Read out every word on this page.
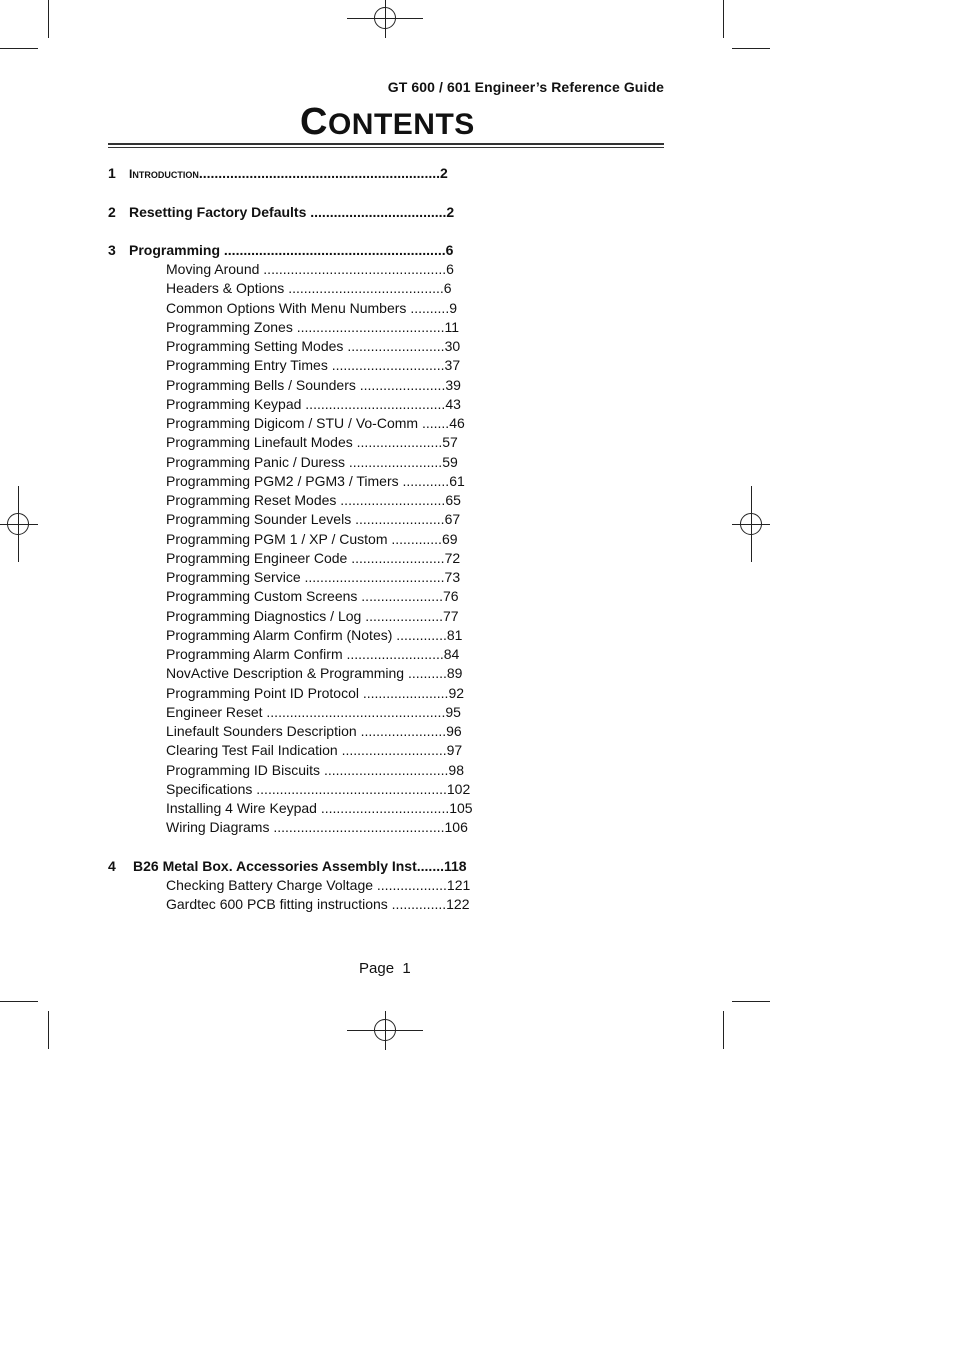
GT 600 / 601 Engineer’s Reference Guide
CONTENTS
1 INTRODUCTION..............................................................2
2 Resetting Factory Defaults ...................................2
3 Programming .........................................................6
Moving Around ...............................................6
Headers & Options ........................................6
Common Options With Menu Numbers ..........9
Programming Zones ......................................11
Programming Setting Modes .........................30
Programming Entry Times .............................37
Programming Bells / Sounders ......................39
Programming Keypad ....................................43
Programming Digicom / STU / Vo-Comm .......46
Programming Linefault Modes ......................57
Programming Panic / Duress ........................59
Programming PGM2 / PGM3 / Timers ............61
Programming Reset Modes ...........................65
Programming Sounder Levels .......................67
Programming PGM 1 / XP / Custom .............69
Programming Engineer Code ........................72
Programming Service ....................................73
Programming Custom Screens .....................76
Programming Diagnostics / Log ....................77
Programming Alarm Confirm (Notes) .............81
Programming Alarm Confirm .........................84
NovActive Description & Programming ..........89
Programming Point ID Protocol ......................92
Engineer Reset ..............................................95
Linefault Sounders Description ......................96
Clearing Test Fail Indication ...........................97
Programming ID Biscuits ................................98
Specifications .................................................102
Installing 4 Wire Keypad .................................105
Wiring Diagrams ............................................106
4 B26 Metal Box. Accessories Assembly Inst.......118
Checking Battery Charge Voltage ..................121
Gardtec 600 PCB fitting instructions ..............122
Page  1
